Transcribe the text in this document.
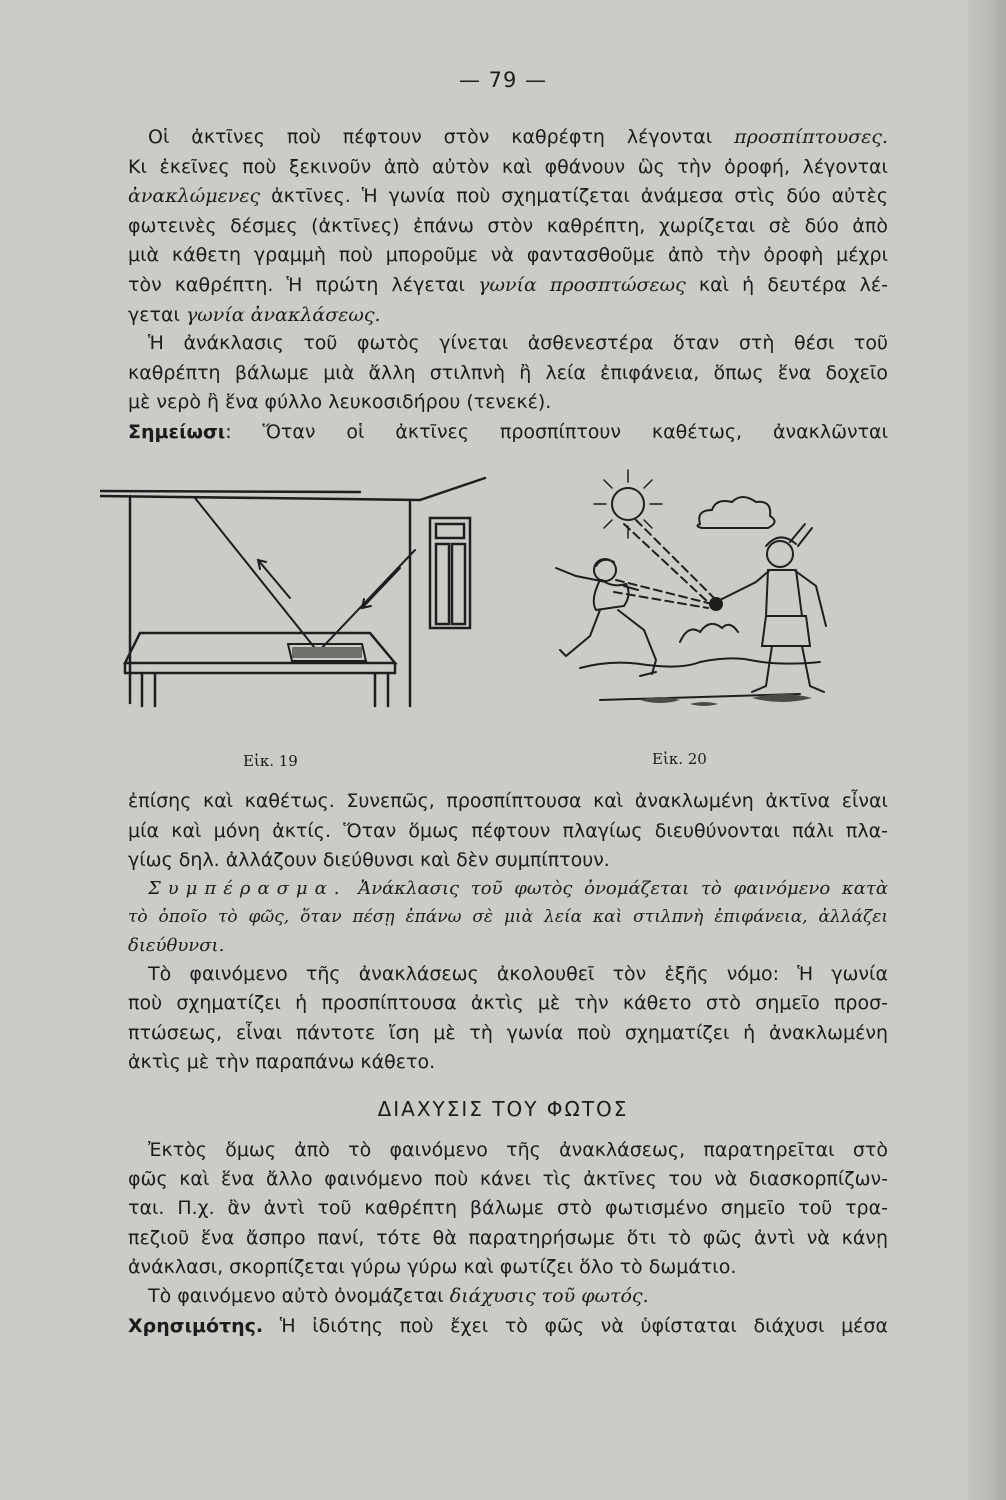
— 79 —
Οἱ ἀκτῖνες ποὺ πέφτουν στὸν καθρέφτη λέγονται προσπίπτουσες.
Κι ἐκεῖνες ποὺ ξεκινοῦν ἀπὸ αὐτὸν καὶ φθάνουν ὣς τὴν ὀροφή, λέγονται
ἀνακλώμενες ἀκτῖνες. Ἡ γωνία ποὺ σχηματίζεται ἀνάμεσα στὶς δύο αὐτὲς
φωτεινὲς δέσμες (ἀκτῖνες) ἐπάνω στὸν καθρέπτη, χωρίζεται σὲ δύο ἀπὸ
μιὰ κάθετη γραμμὴ ποὺ μποροῦμε νὰ φαντασθοῦμε ἀπὸ τὴν ὀροφὴ μέχρι
τὸν καθρέπτη. Ἡ πρώτη λέγεται γωνία προσπτώσεως καὶ ἡ δευτέρα λέ-
γεται γωνία ἀνακλάσεως.
Ἡ ἀνάκλασις τοῦ φωτὸς γίνεται ἀσθενεστέρα ὅταν στὴ θέσι τοῦ
καθρέπτη βάλωμε μιὰ ἄλλη στιλπνὴ ἢ λεία ἐπιφάνεια, ὅπως ἕνα δοχεῖο
μὲ νερὸ ἢ ἕνα φύλλο λευκοσιδήρου (τενεκέ).
Σημείωσι: Ὅταν οἱ ἀκτῖνες προσπίπτουν καθέτως, ἀνακλῶνται
Εἰκ. 19	Εἰκ. 20
ἐπίσης καὶ καθέτως. Συνεπῶς, προσπίπτουσα καὶ ἀνακλωμένη ἀκτῖνα εἶναι
μία καὶ μόνη ἀκτίς. Ὅταν ὅμως πέφτουν πλαγίως διευθύνονται πάλι πλα-
γίως δηλ. ἀλλάζουν διεύθυνσι καὶ δὲν συμπίπτουν.
Συμπέρασμα. Ἀνάκλασις τοῦ φωτὸς ὀνομάζεται τὸ φαινόμενο κατὰ
τὸ ὁποῖο τὸ φῶς, ὅταν πέσῃ ἐπάνω σὲ μιὰ λεία καὶ στιλπνὴ ἐπιφάνεια, ἀλλάζει
διεύθυνσι.
Τὸ φαινόμενο τῆς ἀνακλάσεως ἀκολουθεῖ τὸν ἑξῆς νόμο: Ἡ γωνία
ποὺ σχηματίζει ἡ προσπίπτουσα ἀκτὶς μὲ τὴν κάθετο στὸ σημεῖο προσ-
πτώσεως, εἶναι πάντοτε ἴση μὲ τὴ γωνία ποὺ σχηματίζει ἡ ἀνακλωμένη
ἀκτὶς μὲ τὴν παραπάνω κάθετο.
ΔΙΑΧΥΣΙΣ ΤΟΥ ΦΩΤΟΣ
Ἐκτὸς ὅμως ἀπὸ τὸ φαινόμενο τῆς ἀνακλάσεως, παρατηρεῖται στὸ
φῶς καὶ ἕνα ἄλλο φαινόμενο ποὺ κάνει τὶς ἀκτῖνες του νὰ διασκορπίζων-
ται. Π.χ. ἂν ἀντὶ τοῦ καθρέπτη βάλωμε στὸ φωτισμένο σημεῖο τοῦ τρα-
πεζιοῦ ἕνα ἄσπρο πανί, τότε θὰ παρατηρήσωμε ὅτι τὸ φῶς ἀντὶ νὰ κάνῃ
ἀνάκλασι, σκορπίζεται γύρω γύρω καὶ φωτίζει ὅλο τὸ δωμάτιο.
Τὸ φαινόμενο αὐτὸ ὀνομάζεται διάχυσις τοῦ φωτός.
Χρησιμότης. Ἡ ἰδιότης ποὺ ἔχει τὸ φῶς νὰ ὑφίσταται διάχυσι μέσα
